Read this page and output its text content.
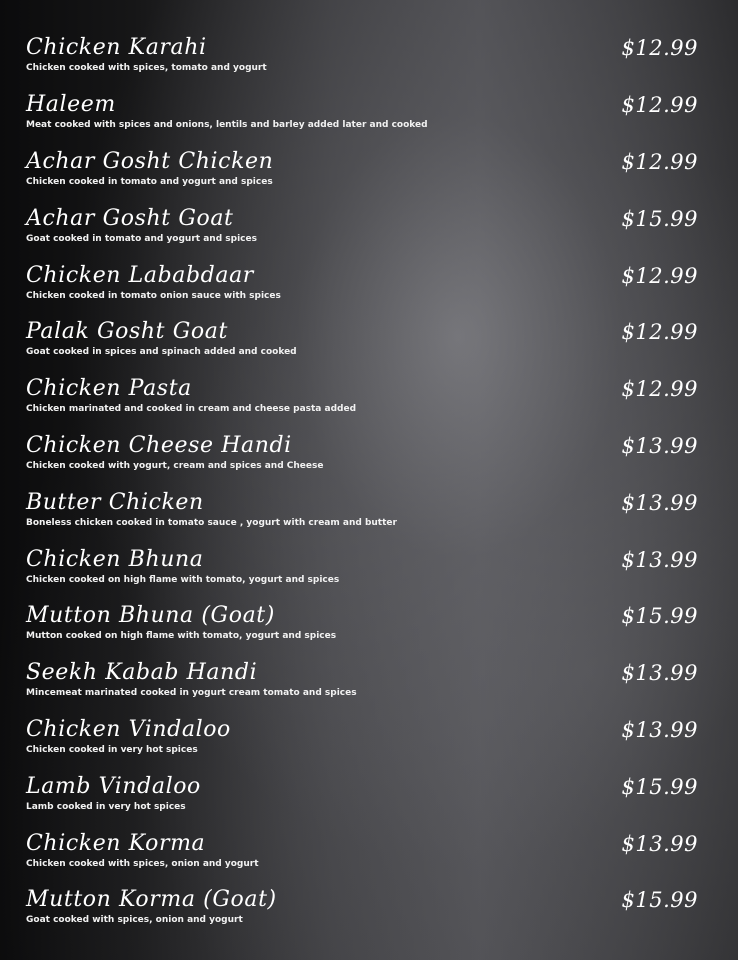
Chicken Karahi
Chicken cooked with spices, tomato and yogurt
$12.99
Haleem
Meat cooked with spices and onions, lentils and barley added later and cooked
$12.99
Achar Gosht Chicken
Chicken cooked in tomato and yogurt and spices
$12.99
Achar Gosht Goat
Goat cooked in tomato and yogurt and spices
$15.99
Chicken Lababdaar
Chicken cooked in tomato onion sauce with spices
$12.99
Palak Gosht Goat
Goat cooked in spices and spinach added and cooked
$12.99
Chicken Pasta
Chicken marinated and cooked in cream and cheese pasta added
$12.99
Chicken Cheese Handi
Chicken cooked with yogurt, cream and spices and Cheese
$13.99
Butter Chicken
Boneless chicken cooked in tomato sauce , yogurt with cream and butter
$13.99
Chicken Bhuna
Chicken cooked on high flame with tomato, yogurt and spices
$13.99
Mutton Bhuna (Goat)
Mutton cooked on high flame with tomato, yogurt and spices
$15.99
Seekh Kabab Handi
Mincemeat marinated cooked in yogurt cream tomato and spices
$13.99
Chicken Vindaloo
Chicken cooked in very hot spices
$13.99
Lamb Vindaloo
Lamb cooked in very hot spices
$15.99
Chicken Korma
Chicken cooked with spices, onion and yogurt
$13.99
Mutton Korma (Goat)
Goat cooked with spices, onion and yogurt
$15.99
